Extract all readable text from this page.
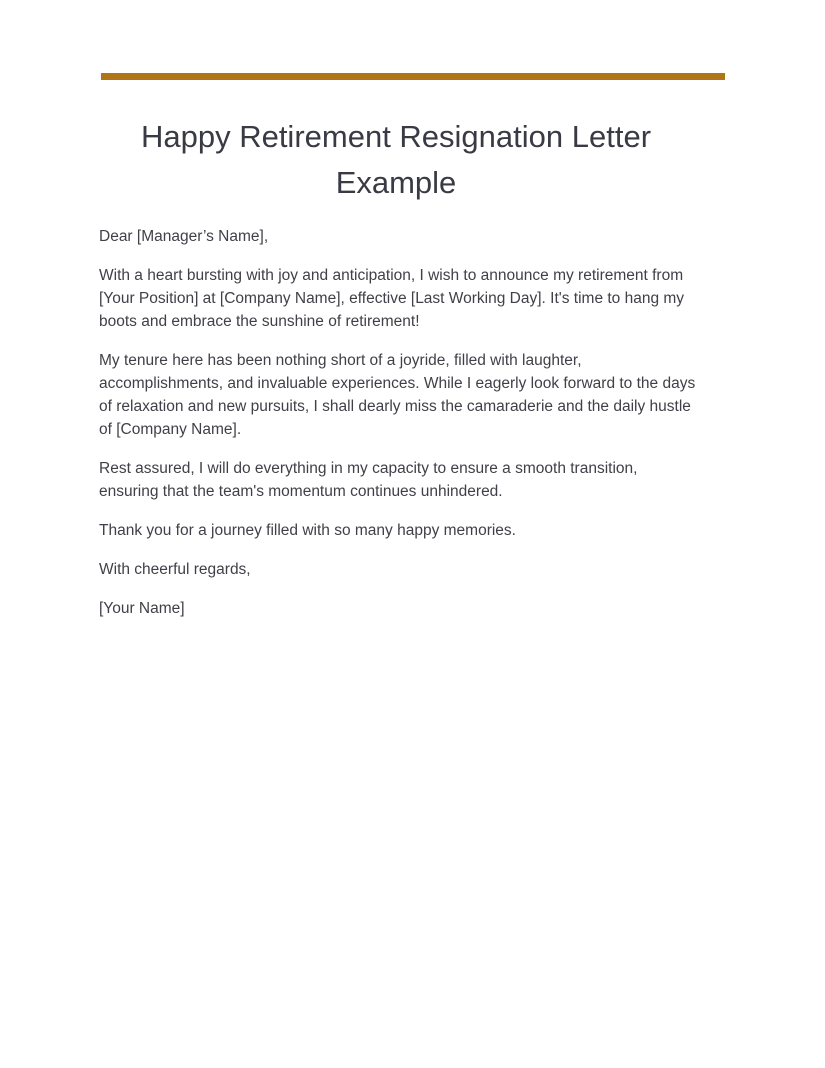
Happy Retirement Resignation Letter Example

Dear [Manager’s Name],

With a heart bursting with joy and anticipation, I wish to announce my retirement from [Your Position] at [Company Name], effective [Last Working Day]. It's time to hang my boots and embrace the sunshine of retirement!

My tenure here has been nothing short of a joyride, filled with laughter, accomplishments, and invaluable experiences. While I eagerly look forward to the days of relaxation and new pursuits, I shall dearly miss the camaraderie and the daily hustle of [Company Name].

Rest assured, I will do everything in my capacity to ensure a smooth transition, ensuring that the team's momentum continues unhindered.

Thank you for a journey filled with so many happy memories.

With cheerful regards,

[Your Name]
